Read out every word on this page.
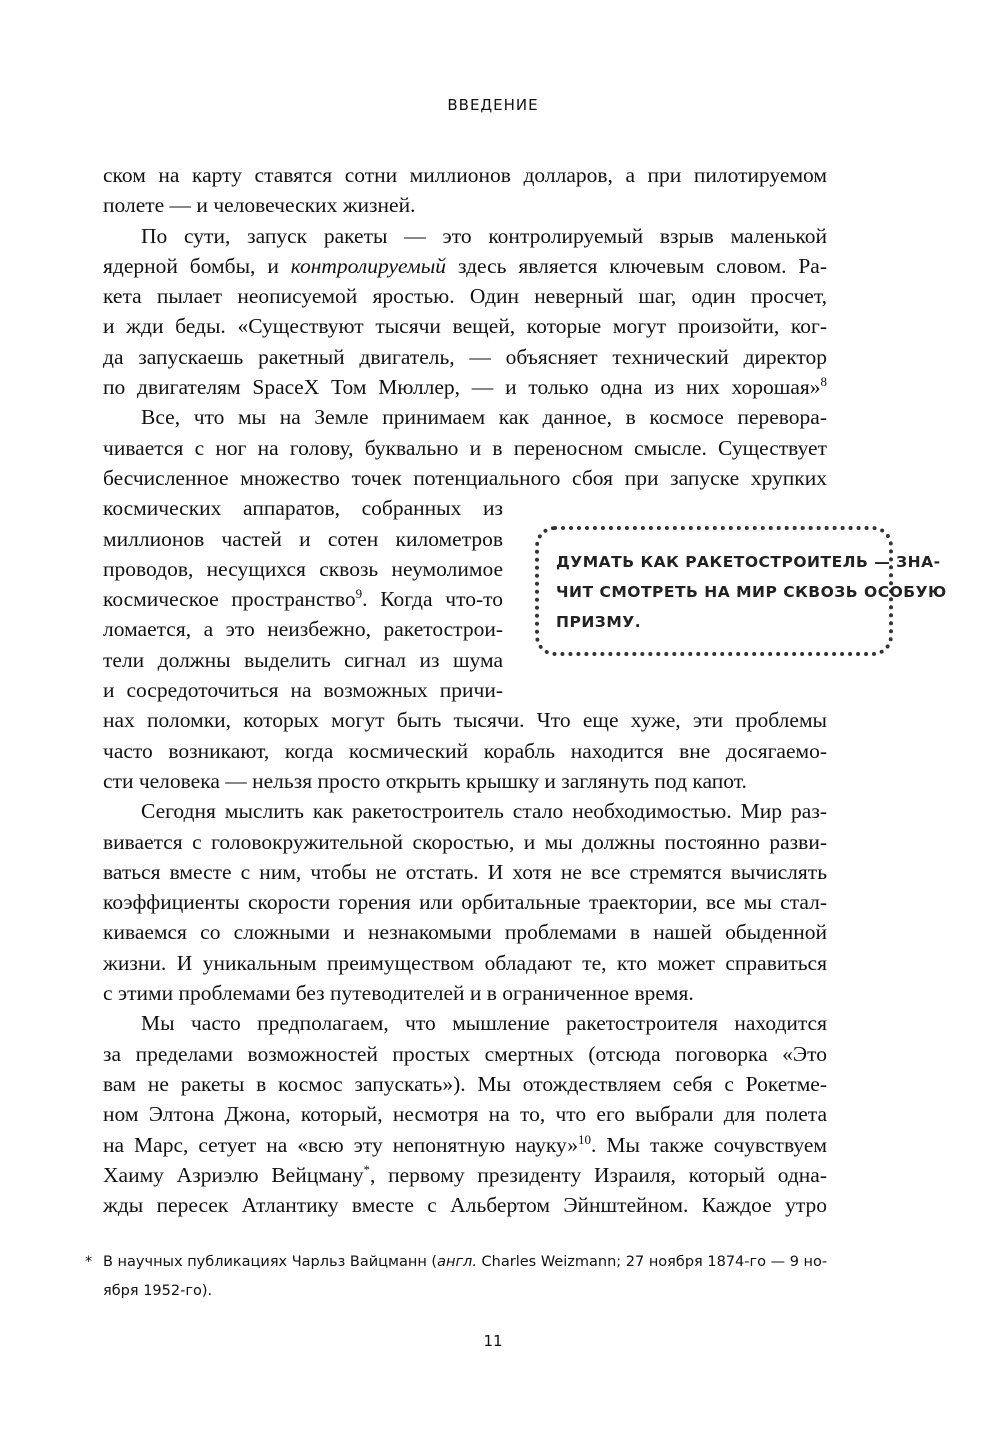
ВВЕДЕНИЕ
ском на карту ставятся сотни миллионов долларов, а при пилотируемом
полете — и человеческих жизней.
По сути, запуск ракеты — это контролируемый взрыв маленькой
ядерной бомбы, и контролируемый здесь является ключевым словом. Ра-
кета пылает неописуемой яростью. Один неверный шаг, один просчет,
и жди беды. «Существуют тысячи вещей, которые могут произойти, ког-
да запускаешь ракетный двигатель, — объясняет технический директор
по двигателям SpaceX Том Мюллер, — и только одна из них хорошая»$^8$
Все, что мы на Земле принимаем как данное, в космосе перевора-
чивается с ног на голову, буквально и в переносном смысле. Существует
бесчисленное множество точек потенциального сбоя при запуске хрупких
космических аппаратов, собранных из
миллионов частей и сотен километров
проводов, несущихся сквозь неумолимое
космическое пространство$^9$. Когда что-то
ломается, а это неизбежно, ракетострои-
тели должны выделить сигнал из шума
и сосредоточиться на возможных причи-
нах поломки, которых могут быть тысячи. Что еще хуже, эти проблемы
часто возникают, когда космический корабль находится вне досягаемо-
сти человека — нельзя просто открыть крышку и заглянуть под капот.
Сегодня мыслить как ракетостроитель стало необходимостью. Мир раз-
вивается с головокружительной скоростью, и мы должны постоянно разви-
ваться вместе с ним, чтобы не отстать. И хотя не все стремятся вычислять
коэффициенты скорости горения или орбитальные траектории, все мы стал-
киваемся со сложными и незнакомыми проблемами в нашей обыденной
жизни. И уникальным преимуществом обладают те, кто может справиться
с этими проблемами без путеводителей и в ограниченное время.
Мы часто предполагаем, что мышление ракетостроителя находится
за пределами возможностей простых смертных (отсюда поговорка «Это
вам не ракеты в космос запускать»). Мы отождествляем себя с Рокетме-
ном Элтона Джона, который, несмотря на то, что его выбрали для полета
на Марс, сетует на «всю эту непонятную науку»$^{10}$. Мы также сочувствуем
Хаиму Азриэлю Вейцману*, первому президенту Израиля, который одна-
жды пересек Атлантику вместе с Альбертом Эйнштейном. Каждое утро
ДУМАТЬ КАК РАКЕТОСТРОИТЕЛЬ — ЗНА-
ЧИТ СМОТРЕТЬ НА МИР СКВОЗЬ ОСОБУЮ
ПРИЗМУ.
* В научных публикациях Чарльз Вайцманн (англ. Charles Weizmann; 27 ноября 1874-го — 9 но-
ября 1952-го).
11
